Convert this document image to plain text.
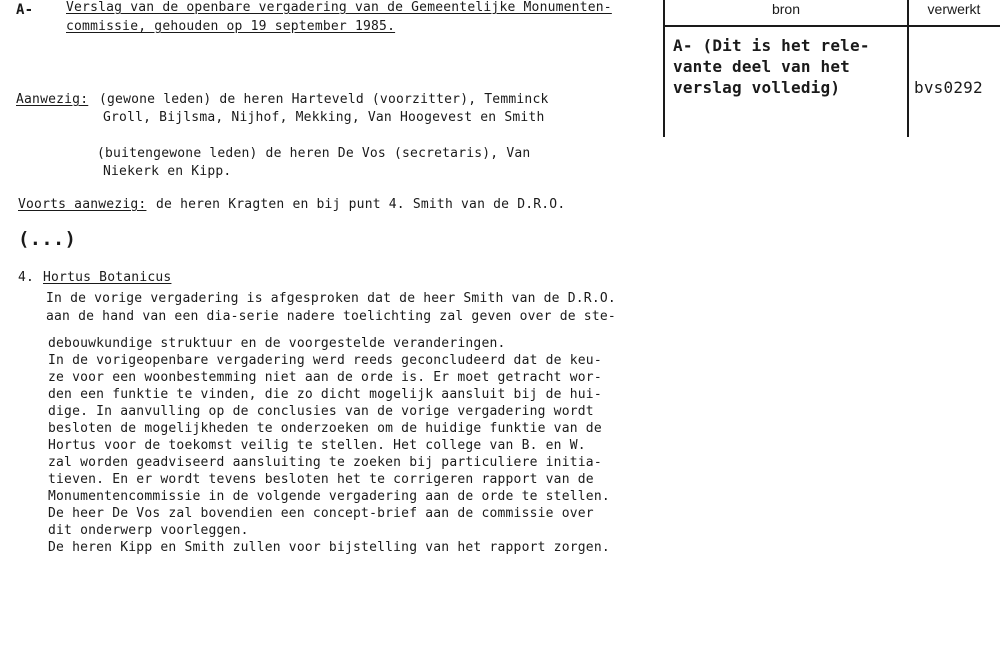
A-	Verslag van de openbare vergadering van de Gemeentelijke Monumenten-
commissie, gehouden op 19 september 1985.
Aanwezig: (gewone leden) de heren Harteveld (voorzitter), Temminck
Groll, Bijlsma, Nijhof, Mekking, Van Hoogevest en Smith
(buitengewone leden) de heren De Vos (secretaris), Van
Niekerk en Kipp.
Voorts aanwezig: de heren Kragten en bij punt 4. Smith van de D.R.O.
(...)
4. Hortus Botanicus
In de vorige vergadering is afgesproken dat de heer Smith van de D.R.O.
aan de hand van een dia-serie nadere toelichting zal geven over de ste-
debouwkundige struktuur en de voorgestelde veranderingen.
In de vorigeopenbare vergadering werd reeds geconcludeerd dat de keu-
ze voor een woonbestemming niet aan de orde is. Er moet getracht wor-
den een funktie te vinden, die zo dicht mogelijk aansluit bij de hui-
dige. In aanvulling op de conclusies van de vorige vergadering wordt
besloten de mogelijkheden te onderzoeken om de huidige funktie van de
Hortus voor de toekomst veilig te stellen. Het college van B. en W.
zal worden geadviseerd aansluiting te zoeken bij particuliere initia-
tieven. En er wordt tevens besloten het te corrigeren rapport van de
Monumentencommissie in de volgende vergadering aan de orde te stellen.
De heer De Vos zal bovendien een concept-brief aan de commissie over
dit onderwerp voorleggen.
De heren Kipp en Smith zullen voor bijstelling van het rapport zorgen.
bron	verwerkt
A- (Dit is het rele-
vante deel van het
verslag volledig)	bvs0292
